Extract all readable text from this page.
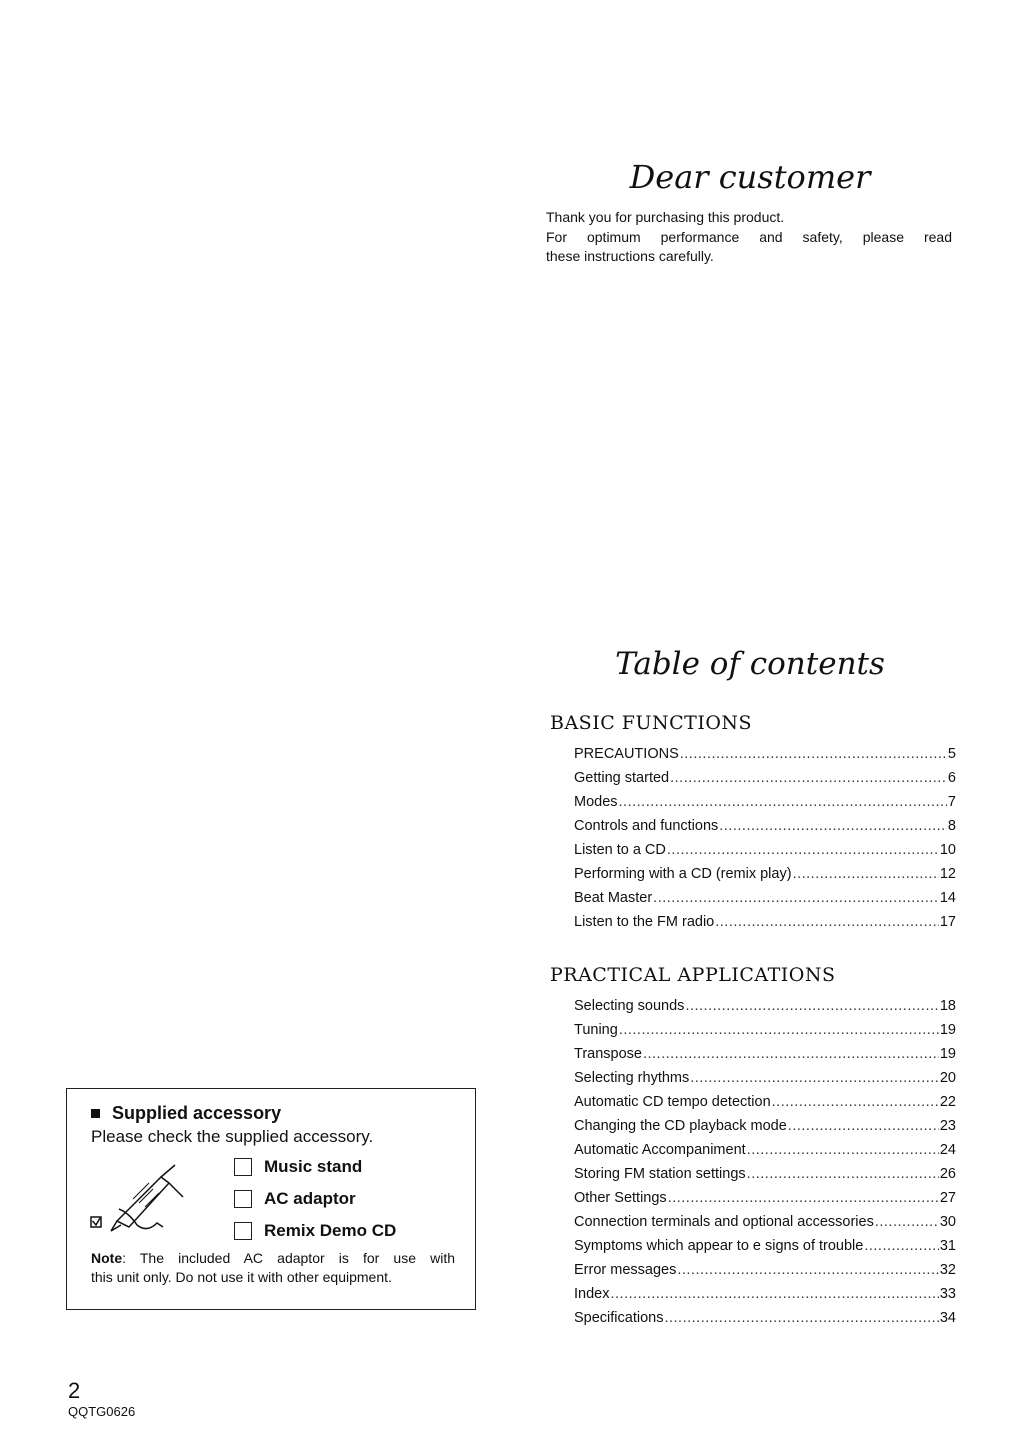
Dear customer
Thank you for purchasing this product.
For optimum performance and safety, please read
these instructions carefully.
Table of contents
BASIC FUNCTIONS
PRECAUTIONS .....	5
Getting started .....	6
Modes .....	7
Controls and functions .....	8
Listen to a CD .....	10
Performing with a CD (remix play) .....	12
Beat Master .....	14
Listen to the FM radio .....	17
PRACTICAL APPLICATIONS
Selecting sounds .....	18
Tuning .....	19
Transpose .....	19
Selecting rhythms .....	20
Automatic CD tempo detection .....	22
Changing the CD playback mode .....	23
Automatic Accompaniment .....	24
Storing FM station settings .....	26
Other Settings .....	27
Connection terminals and optional accessories .....	30
Symptoms which appear to e signs of trouble .....	31
Error messages .....	32
Index .....	33
Specifications .....	34
Supplied accessory
Please check the supplied accessory.
Music stand
AC adaptor
Remix Demo CD
Note: The included AC adaptor is for use with
this unit only. Do not use it with other equipment.
2
QQTG0626
